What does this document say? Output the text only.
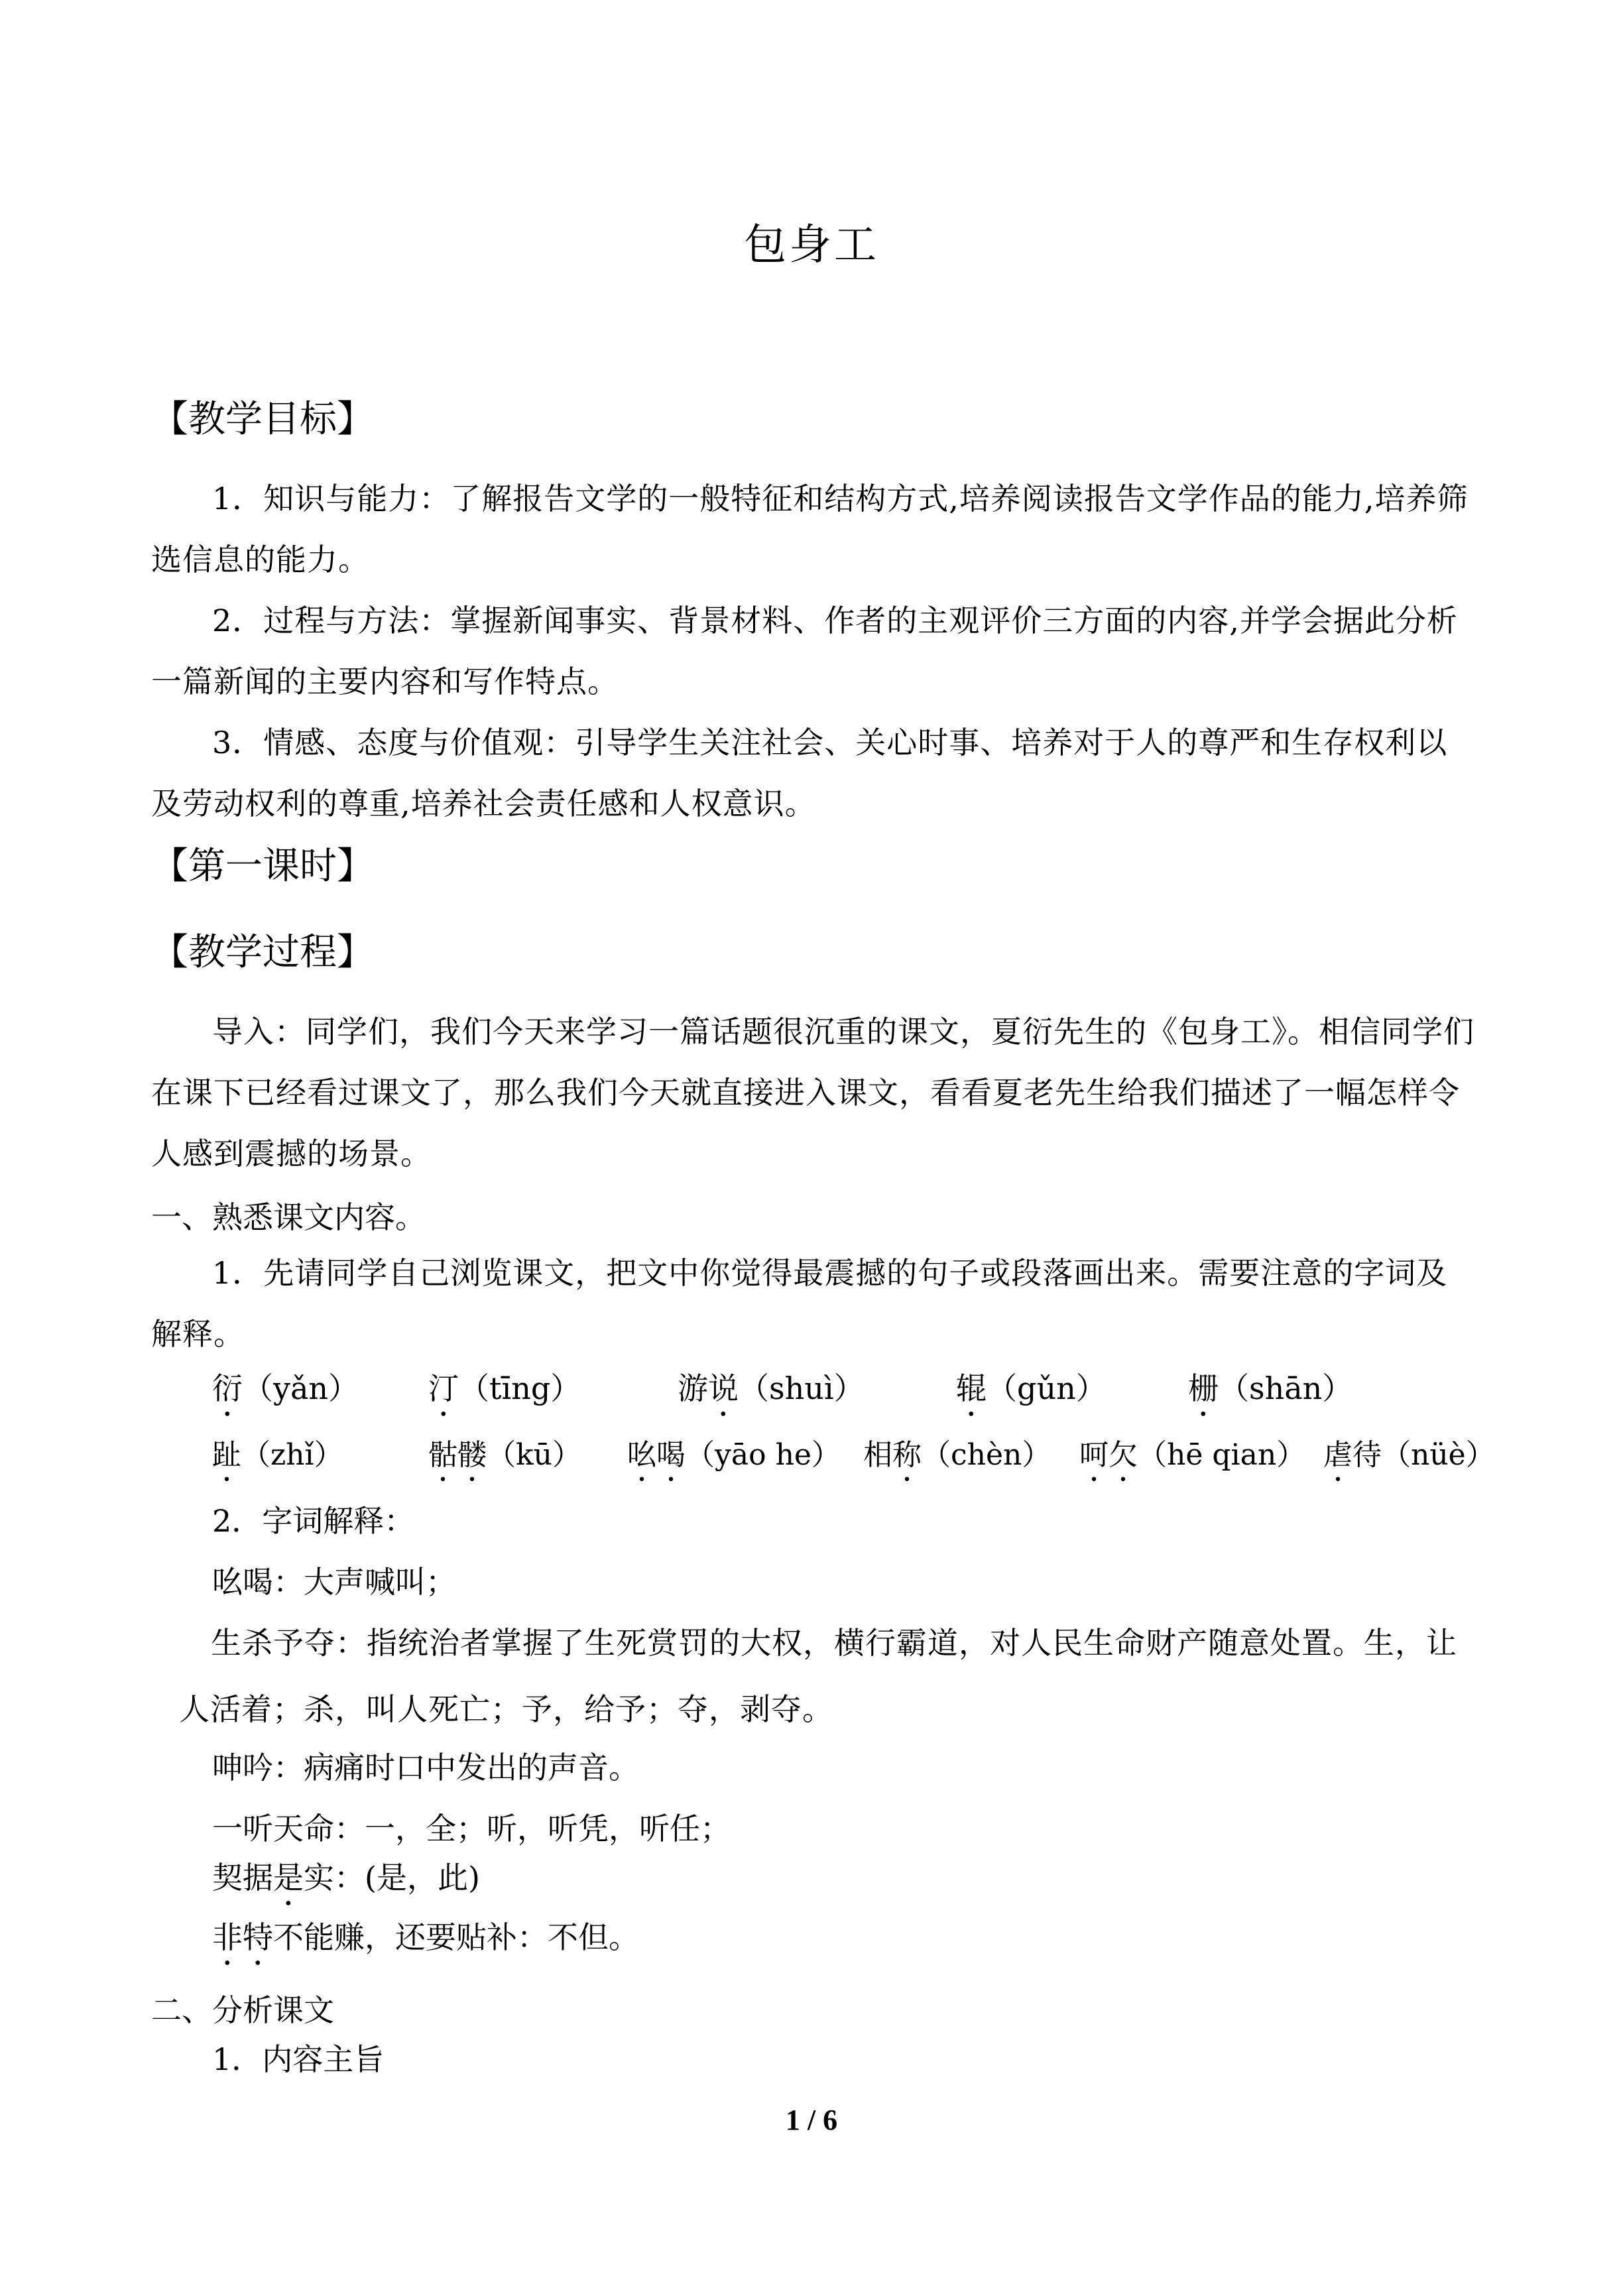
包身工
【教学目标】
1．知识与能力：了解报告文学的一般特征和结构方式,培养阅读报告文学作品的能力,培养筛选信息的能力。
2．过程与方法：掌握新闻事实、背景材料、作者的主观评价三方面的内容,并学会据此分析一篇新闻的主要内容和写作特点。
3．情感、态度与价值观：引导学生关注社会、关心时事、培养对于人的尊严和生存权利以及劳动权利的尊重,培养社会责任感和人权意识。
【第一课时】
【教学过程】
导入：同学们，我们今天来学习一篇话题很沉重的课文，夏衍先生的《包身工》。相信同学们在课下已经看过课文了，那么我们今天就直接进入课文，看看夏老先生给我们描述了一幅怎样令人感到震撼的场景。
一、熟悉课文内容。
1．先请同学自己浏览课文，把文中你觉得最震撼的句子或段落画出来。需要注意的字词及解释。
衍（yǎn）	汀（tīng）	游说（shuì）	辊（gǔn）	栅（shān）
趾（zhǐ）	骷髅（kū）	吆喝（yāo he） 相称（chèn） 呵欠（hē qian） 虐待（nüè）
2．字词解释：
吆喝：大声喊叫；
生杀予夺：指统治者掌握了生死赏罚的大权，横行霸道，对人民生命财产随意处置。生，让人活着；杀，叫人死亡；予，给予；夺，剥夺。
呻吟：病痛时口中发出的声音。
一听天命：一，全；听，听凭，听任；
契据是实：(是，此)
非特不能赚，还要贴补：不但。
二、分析课文
1．内容主旨
1 / 6
